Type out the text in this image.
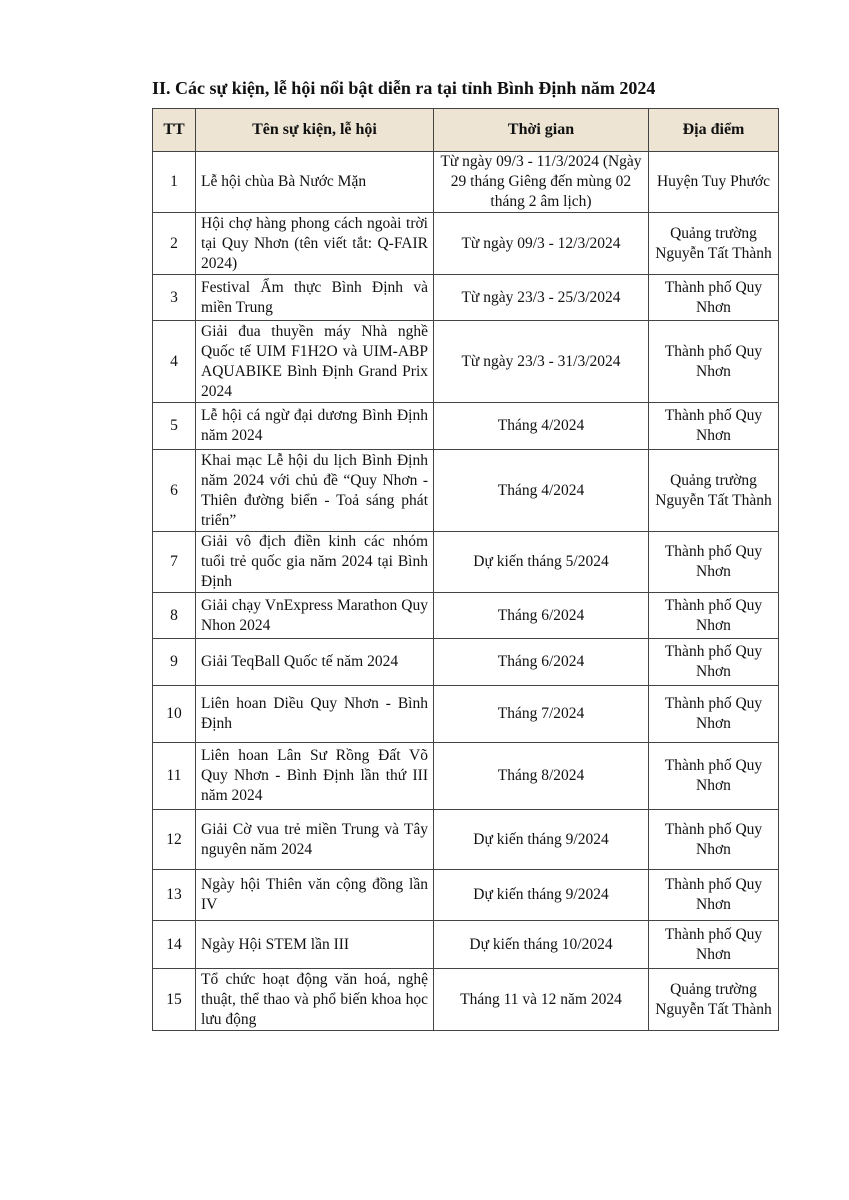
II. Các sự kiện, lễ hội nổi bật diễn ra tại tỉnh Bình Định năm 2024
TT	Tên sự kiện, lễ hội	Thời gian	Địa điểm
1	Lễ hội chùa Bà Nước Mặn	Từ ngày 09/3 - 11/3/2024 (Ngày 29 tháng Giêng đến mùng 02 tháng 2 âm lịch)	Huyện Tuy Phước
2	Hội chợ hàng phong cách ngoài trời tại Quy Nhơn (tên viết tắt: Q-FAIR 2024)	Từ ngày 09/3 - 12/3/2024	Quảng trường Nguyễn Tất Thành
3	Festival Ẩm thực Bình Định và miền Trung	Từ ngày 23/3 - 25/3/2024	Thành phố Quy Nhơn
4	Giải đua thuyền máy Nhà nghề Quốc tế UIM F1H2O và UIM-ABP AQUABIKE Bình Định Grand Prix 2024	Từ ngày 23/3 - 31/3/2024	Thành phố Quy Nhơn
5	Lễ hội cá ngừ đại dương Bình Định năm 2024	Tháng 4/2024	Thành phố Quy Nhơn
6	Khai mạc Lễ hội du lịch Bình Định năm 2024 với chủ đề “Quy Nhơn - Thiên đường biển - Toả sáng phát triển”	Tháng 4/2024	Quảng trường Nguyễn Tất Thành
7	Giải vô địch điền kinh các nhóm tuổi trẻ quốc gia năm 2024 tại Bình Định	Dự kiến tháng 5/2024	Thành phố Quy Nhơn
8	Giải chạy VnExpress Marathon Quy Nhon 2024	Tháng 6/2024	Thành phố Quy Nhơn
9	Giải TeqBall Quốc tế năm 2024	Tháng 6/2024	Thành phố Quy Nhơn
10	Liên hoan Diều Quy Nhơn - Bình Định	Tháng 7/2024	Thành phố Quy Nhơn
11	Liên hoan Lân Sư Rồng Đất Võ Quy Nhơn - Bình Định lần thứ III năm 2024	Tháng 8/2024	Thành phố Quy Nhơn
12	Giải Cờ vua trẻ miền Trung và Tây nguyên năm 2024	Dự kiến tháng 9/2024	Thành phố Quy Nhơn
13	Ngày hội Thiên văn cộng đồng lần IV	Dự kiến tháng 9/2024	Thành phố Quy Nhơn
14	Ngày Hội STEM lần III	Dự kiến tháng 10/2024	Thành phố Quy Nhơn
15	Tổ chức hoạt động văn hoá, nghệ thuật, thể thao và phổ biến khoa học lưu động	Tháng 11 và 12 năm 2024	Quảng trường Nguyễn Tất Thành
